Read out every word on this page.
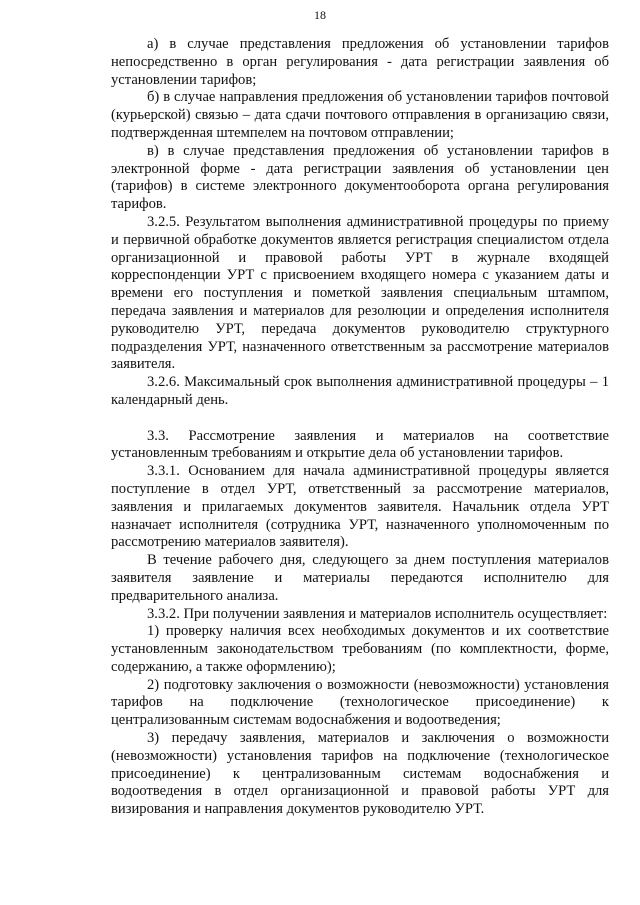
18

а) в случае представления предложения об установлении тарифов непосредственно в орган регулирования - дата регистрации заявления об установлении тарифов;

б) в случае направления предложения об установлении тарифов почтовой (курьерской) связью – дата сдачи почтового отправления в организацию связи, подтвержденная штемпелем на почтовом отправлении;

в) в случае представления предложения об установлении тарифов в электронной форме - дата регистрации заявления об установлении цен (тарифов) в системе электронного документооборота органа регулирования тарифов.

3.2.5. Результатом выполнения административной процедуры по приему и первичной обработке документов является регистрация специалистом отдела организационной и правовой работы УРТ в журнале входящей корреспонденции УРТ с присвоением входящего номера с указанием даты и времени его поступления и пометкой заявления специальным штампом, передача заявления и материалов для резолюции и определения исполнителя руководителю УРТ, передача документов руководителю структурного подразделения УРТ, назначенного ответственным за рассмотрение материалов заявителя.

3.2.6. Максимальный срок выполнения административной процедуры – 1 календарный день.

3.3. Рассмотрение заявления и материалов на соответствие установленным требованиям и открытие дела об установлении тарифов.

3.3.1. Основанием для начала административной процедуры является поступление в отдел УРТ, ответственный за рассмотрение материалов, заявления и прилагаемых документов заявителя. Начальник отдела УРТ назначает исполнителя (сотрудника УРТ, назначенного уполномоченным по рассмотрению материалов заявителя).

В течение рабочего дня, следующего за днем поступления материалов заявителя заявление и материалы передаются исполнителю для предварительного анализа.

3.3.2. При получении заявления и материалов исполнитель осуществляет:

1) проверку наличия всех необходимых документов и их соответствие установленным законодательством требованиям (по комплектности, форме, содержанию, а также оформлению);

2) подготовку заключения о возможности (невозможности) установления тарифов на подключение (технологическое присоединение) к централизованным системам водоснабжения и водоотведения;

3) передачу заявления, материалов и заключения о возможности (невозможности) установления тарифов на подключение (технологическое присоединение) к централизованным системам водоснабжения и водоотведения в отдел организационной и правовой работы УРТ для визирования и направления документов руководителю УРТ.
